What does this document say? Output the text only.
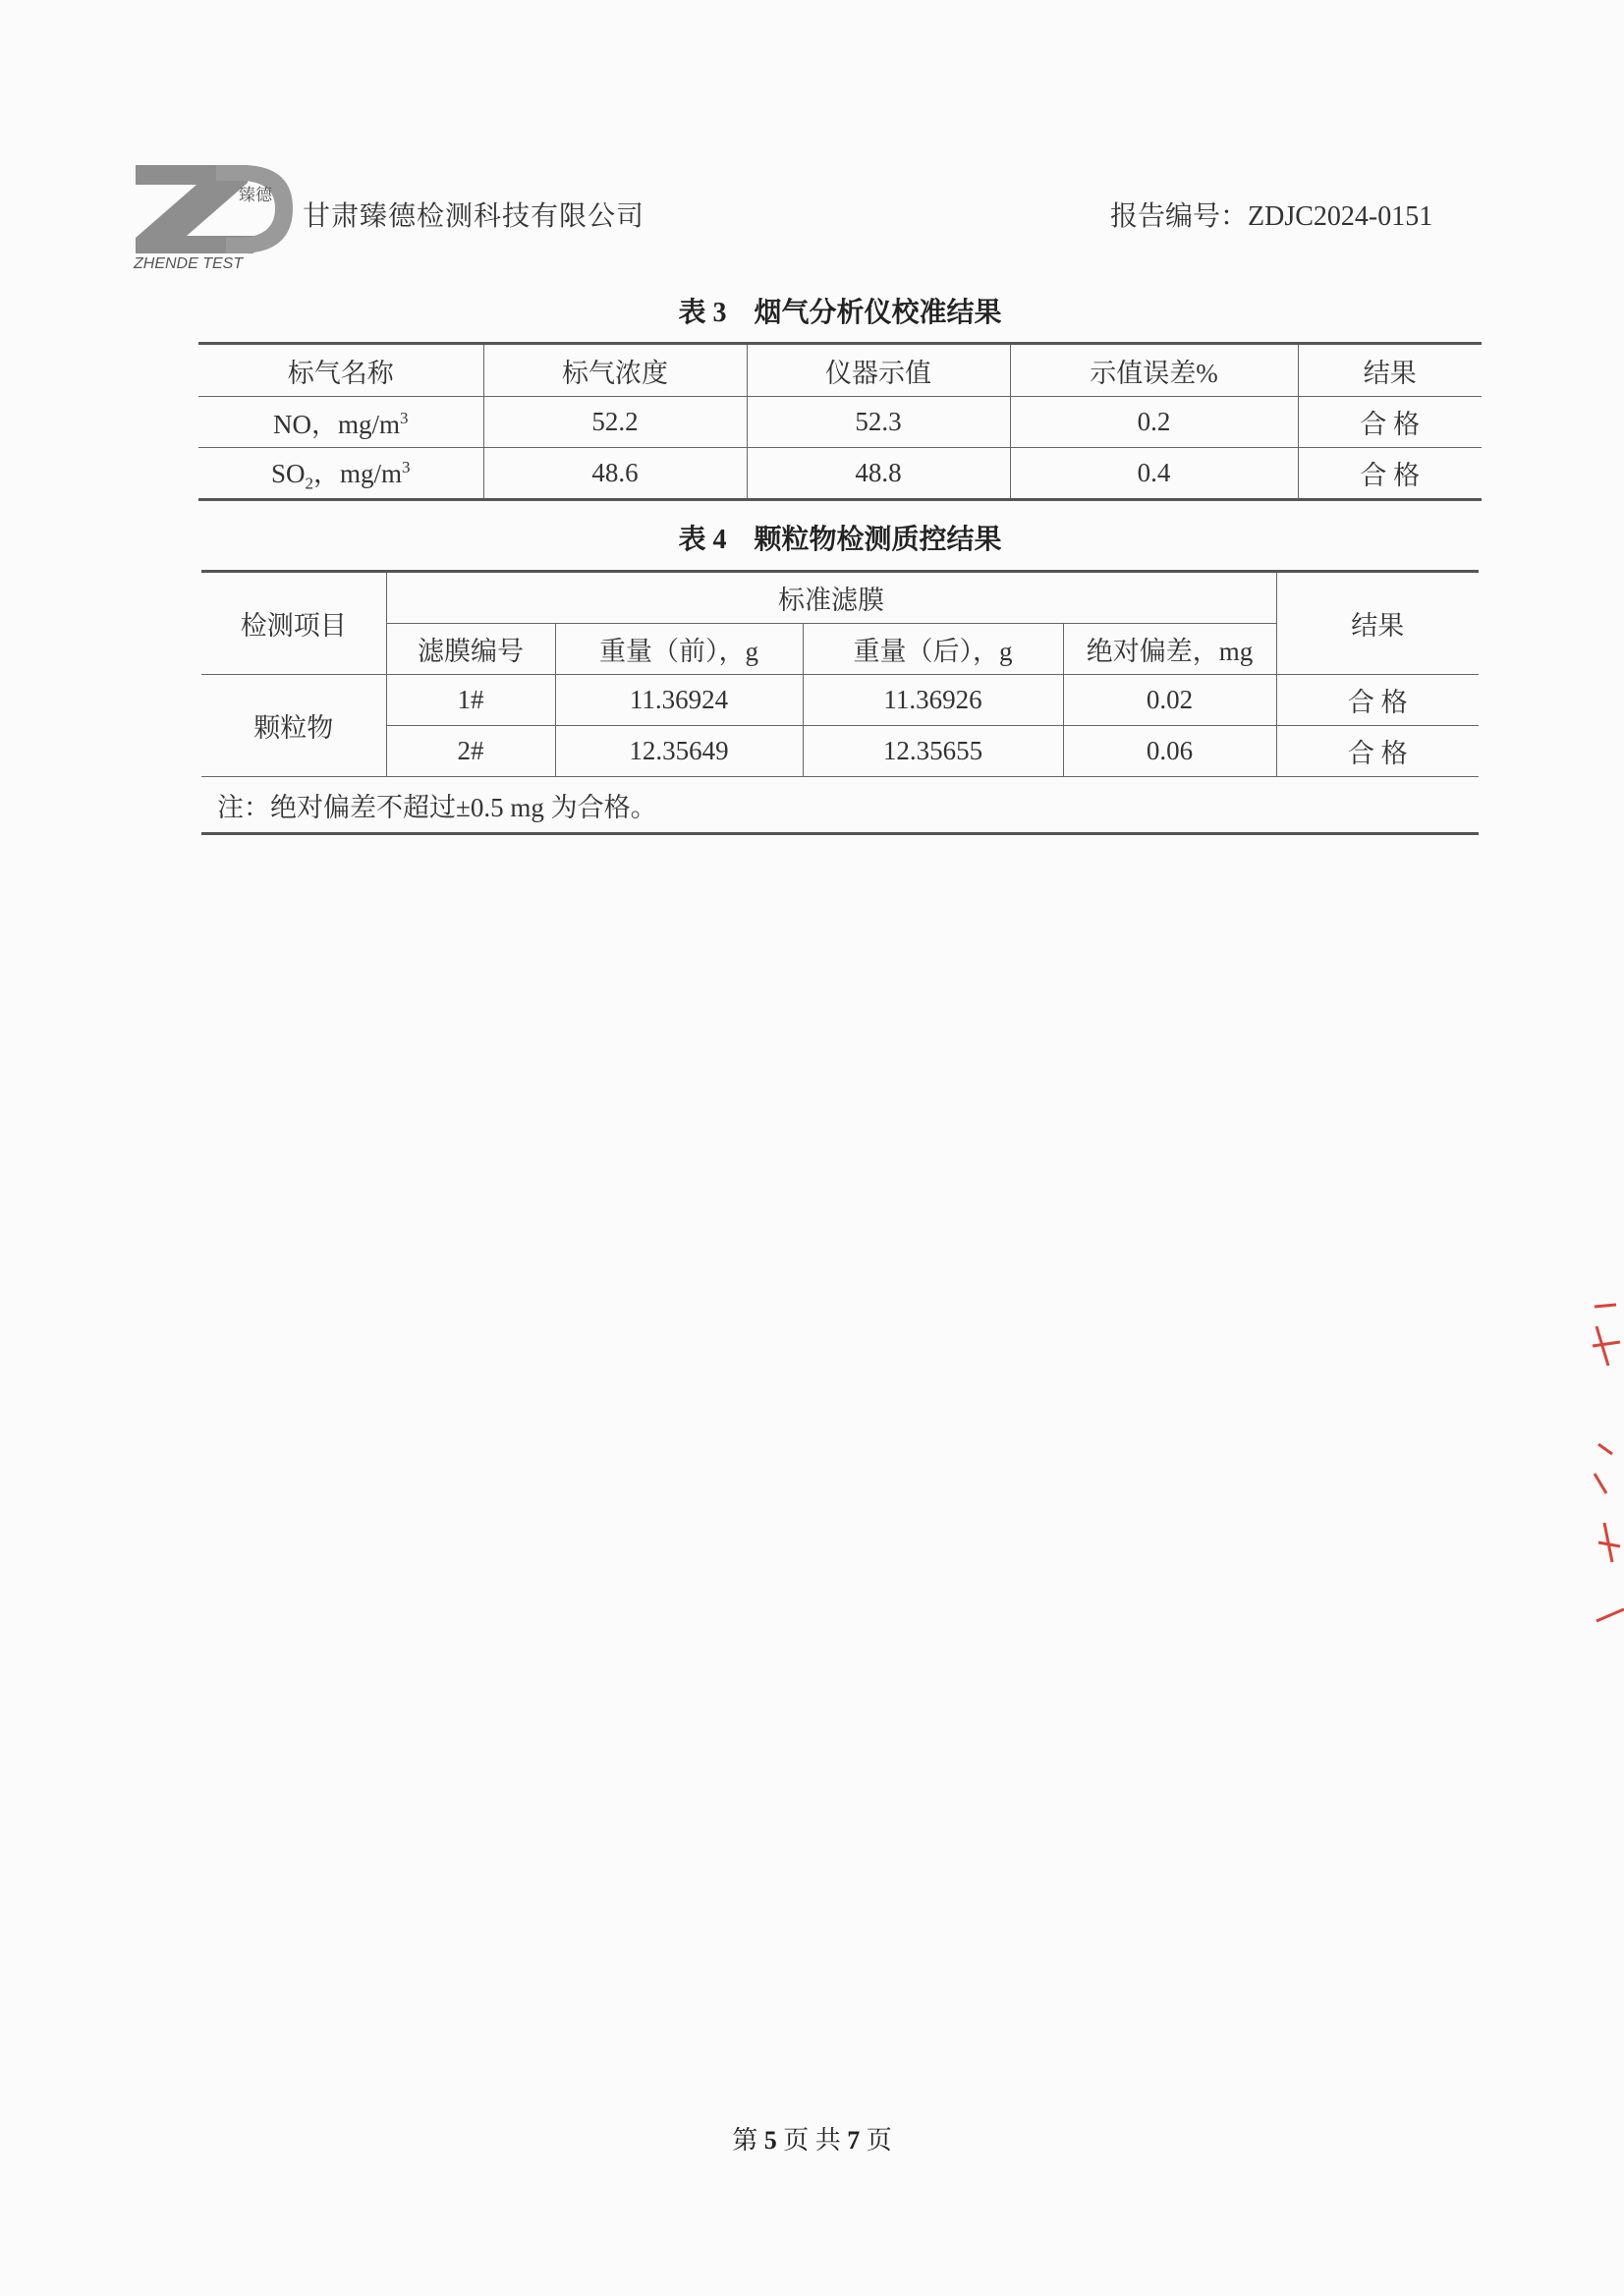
臻德
ZHENDE TEST
甘肃臻德检测科技有限公司	报告编号：ZDJC2024-0151
表 3　烟气分析仪校准结果
标气名称	标气浓度	仪器示值	示值误差%	结果
NO，$mg/m^3$	52.2	52.3	0.2	合 格
$SO_2$，$mg/m^3$	48.6	48.8	0.4	合 格
表 4　颗粒物检测质控结果
检测项目	标准滤膜				结果
	滤膜编号	重量（前），g	重量（后），g	绝对偏差，mg	
颗粒物	1#	11.36924	11.36926	0.02	合 格
	2#	12.35649	12.35655	0.06	合 格
注：绝对偏差不超过±0.5 mg 为合格。					
第 5 页 共 7 页
